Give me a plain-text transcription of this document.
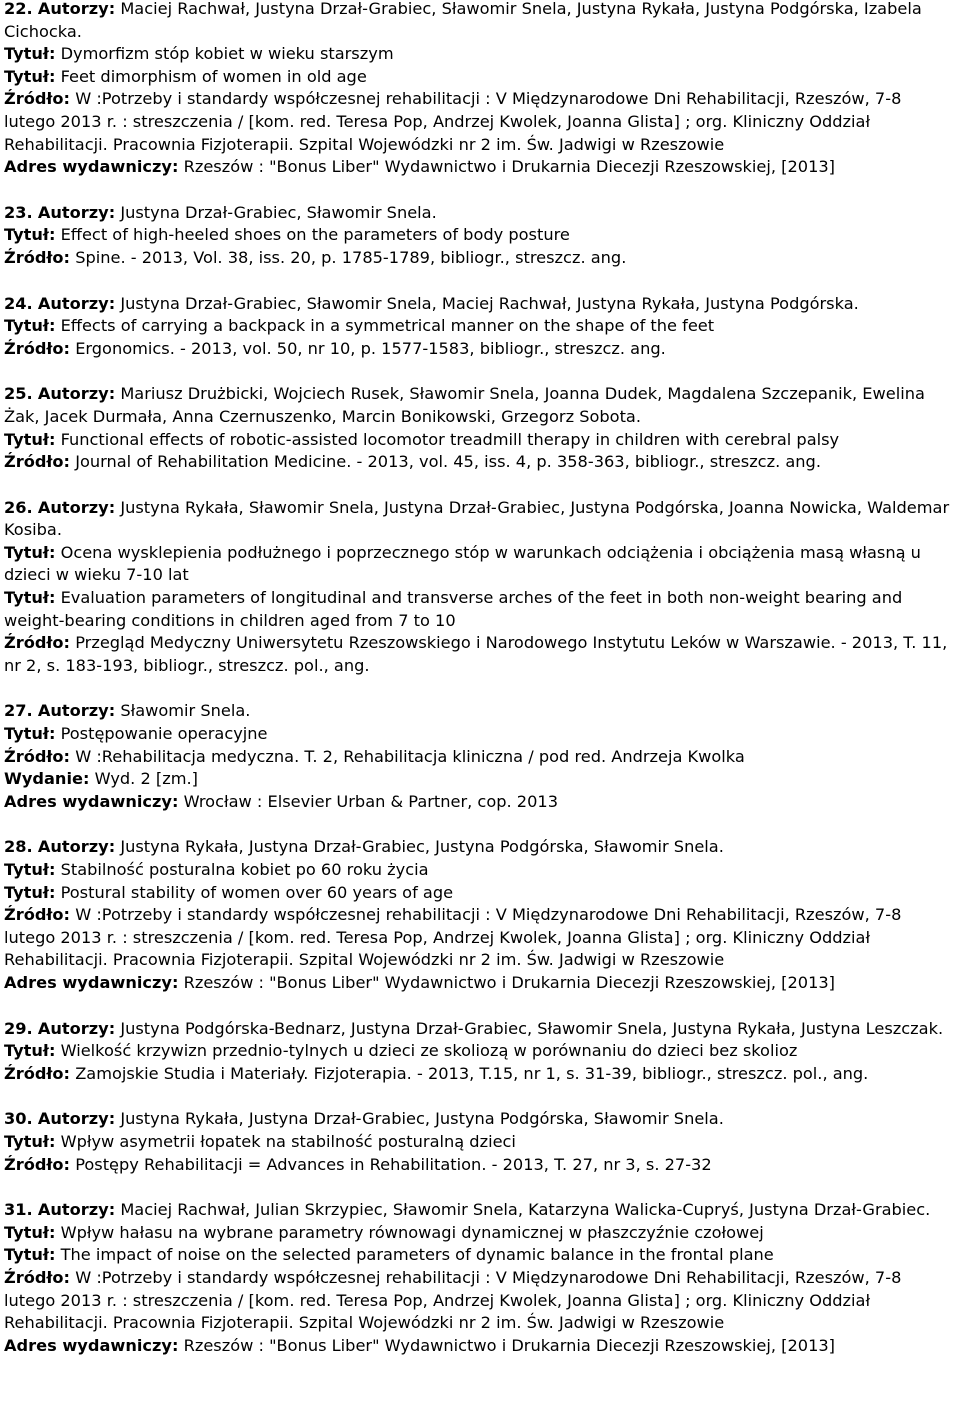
22. Autorzy: Maciej Rachwał, Justyna Drzał-Grabiec, Sławomir Snela, Justyna Rykała, Justyna Podgórska, Izabela Cichocka.
Tytuł: Dymorfizm stóp kobiet w wieku starszym
Tytuł: Feet dimorphism of women in old age
Źródło: W :Potrzeby i standardy współczesnej rehabilitacji : V Międzynarodowe Dni Rehabilitacji, Rzeszów, 7-8 lutego 2013 r. : streszczenia / [kom. red. Teresa Pop, Andrzej Kwolek, Joanna Glista] ; org. Kliniczny Oddział Rehabilitacji. Pracownia Fizjoterapii. Szpital Wojewódzki nr 2 im. Św. Jadwigi w Rzeszowie
Adres wydawniczy: Rzeszów : "Bonus Liber" Wydawnictwo i Drukarnia Diecezji Rzeszowskiej, [2013]
23. Autorzy: Justyna Drzał-Grabiec, Sławomir Snela.
Tytuł: Effect of high-heeled shoes on the parameters of body posture
Źródło: Spine. - 2013, Vol. 38, iss. 20, p. 1785-1789, bibliogr., streszcz. ang.
24. Autorzy: Justyna Drzał-Grabiec, Sławomir Snela, Maciej Rachwał, Justyna Rykała, Justyna Podgórska.
Tytuł: Effects of carrying a backpack in a symmetrical manner on the shape of the feet
Źródło: Ergonomics. - 2013, vol. 50, nr 10, p. 1577-1583, bibliogr., streszcz. ang.
25. Autorzy: Mariusz Drużbicki, Wojciech Rusek, Sławomir Snela, Joanna Dudek, Magdalena Szczepanik, Ewelina Żak, Jacek Durmała, Anna Czernuszenko, Marcin Bonikowski, Grzegorz Sobota.
Tytuł: Functional effects of robotic-assisted locomotor treadmill therapy in children with cerebral palsy
Źródło: Journal of Rehabilitation Medicine. - 2013, vol. 45, iss. 4, p. 358-363, bibliogr., streszcz. ang.
26. Autorzy: Justyna Rykała, Sławomir Snela, Justyna Drzał-Grabiec, Justyna Podgórska, Joanna Nowicka, Waldemar Kosiba.
Tytuł: Ocena wysklepienia podłużnego i poprzecznego stóp w warunkach odciążenia i obciążenia masą własną u dzieci w wieku 7-10 lat
Tytuł: Evaluation parameters of longitudinal and transverse arches of the feet in both non-weight bearing and weight-bearing conditions in children aged from 7 to 10
Źródło: Przegląd Medyczny Uniwersytetu Rzeszowskiego i Narodowego Instytutu Leków w Warszawie. - 2013, T. 11, nr 2, s. 183-193, bibliogr., streszcz. pol., ang.
27. Autorzy: Sławomir Snela.
Tytuł: Postępowanie operacyjne
Źródło: W :Rehabilitacja medyczna. T. 2, Rehabilitacja kliniczna / pod red. Andrzeja Kwolka
Wydanie: Wyd. 2 [zm.]
Adres wydawniczy: Wrocław : Elsevier Urban & Partner, cop. 2013
28. Autorzy: Justyna Rykała, Justyna Drzał-Grabiec, Justyna Podgórska, Sławomir Snela.
Tytuł: Stabilność posturalna kobiet po 60 roku życia
Tytuł: Postural stability of women over 60 years of age
Źródło: W :Potrzeby i standardy współczesnej rehabilitacji : V Międzynarodowe Dni Rehabilitacji, Rzeszów, 7-8 lutego 2013 r. : streszczenia / [kom. red. Teresa Pop, Andrzej Kwolek, Joanna Glista] ; org. Kliniczny Oddział Rehabilitacji. Pracownia Fizjoterapii. Szpital Wojewódzki nr 2 im. Św. Jadwigi w Rzeszowie
Adres wydawniczy: Rzeszów : "Bonus Liber" Wydawnictwo i Drukarnia Diecezji Rzeszowskiej, [2013]
29. Autorzy: Justyna Podgórska-Bednarz, Justyna Drzał-Grabiec, Sławomir Snela, Justyna Rykała, Justyna Leszczak.
Tytuł: Wielkość krzywizn przednio-tylnych u dzieci ze skoliozą w porównaniu do dzieci bez skolioz
Źródło: Zamojskie Studia i Materiały. Fizjoterapia. - 2013, T.15, nr 1, s. 31-39, bibliogr., streszcz. pol., ang.
30. Autorzy: Justyna Rykała, Justyna Drzał-Grabiec, Justyna Podgórska, Sławomir Snela.
Tytuł: Wpływ asymetrii łopatek na stabilność posturalną dzieci
Źródło: Postępy Rehabilitacji = Advances in Rehabilitation. - 2013, T. 27, nr 3, s. 27-32
31. Autorzy: Maciej Rachwał, Julian Skrzypiec, Sławomir Snela, Katarzyna Walicka-Cupryś, Justyna Drzał-Grabiec.
Tytuł: Wpływ hałasu na wybrane parametry równowagi dynamicznej w płaszczyźnie czołowej
Tytuł: The impact of noise on the selected parameters of dynamic balance in the frontal plane
Źródło: W :Potrzeby i standardy współczesnej rehabilitacji : V Międzynarodowe Dni Rehabilitacji, Rzeszów, 7-8 lutego 2013 r. : streszczenia / [kom. red. Teresa Pop, Andrzej Kwolek, Joanna Glista] ; org. Kliniczny Oddział Rehabilitacji. Pracownia Fizjoterapii. Szpital Wojewódzki nr 2 im. Św. Jadwigi w Rzeszowie
Adres wydawniczy: Rzeszów : "Bonus Liber" Wydawnictwo i Drukarnia Diecezji Rzeszowskiej, [2013]
